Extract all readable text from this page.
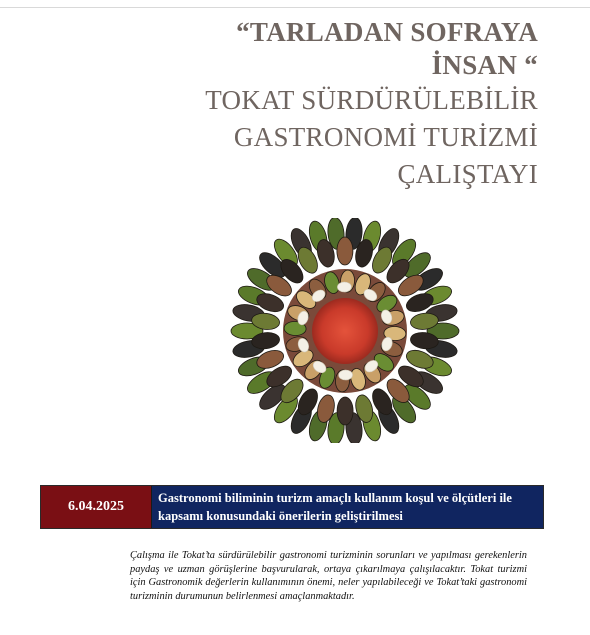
“TARLADAN SOFRAYA
İNSAN “
TOKAT SÜRDÜRÜLEBİLİR
GASTRONOMİ TURİZMİ
ÇALIŞTAYI
6.04.2025
Gastronomi biliminin turizm amaçlı kullanım koşul ve ölçütleri ile kapsamı konusundaki önerilerin geliştirilmesi
Çalışma ile Tokat’ta sürdürülebilir gastronomi turizminin sorunları ve yapılması gerekenlerin paydaş ve uzman görüşlerine başvurularak, ortaya çıkarılmaya çalışılacaktır. Tokat turizmi için Gastronomik değerlerin kullanımının önemi, neler yapılabileceği ve Tokat’taki gastronomi turizminin durumunun belirlenmesi amaçlanmaktadır.
